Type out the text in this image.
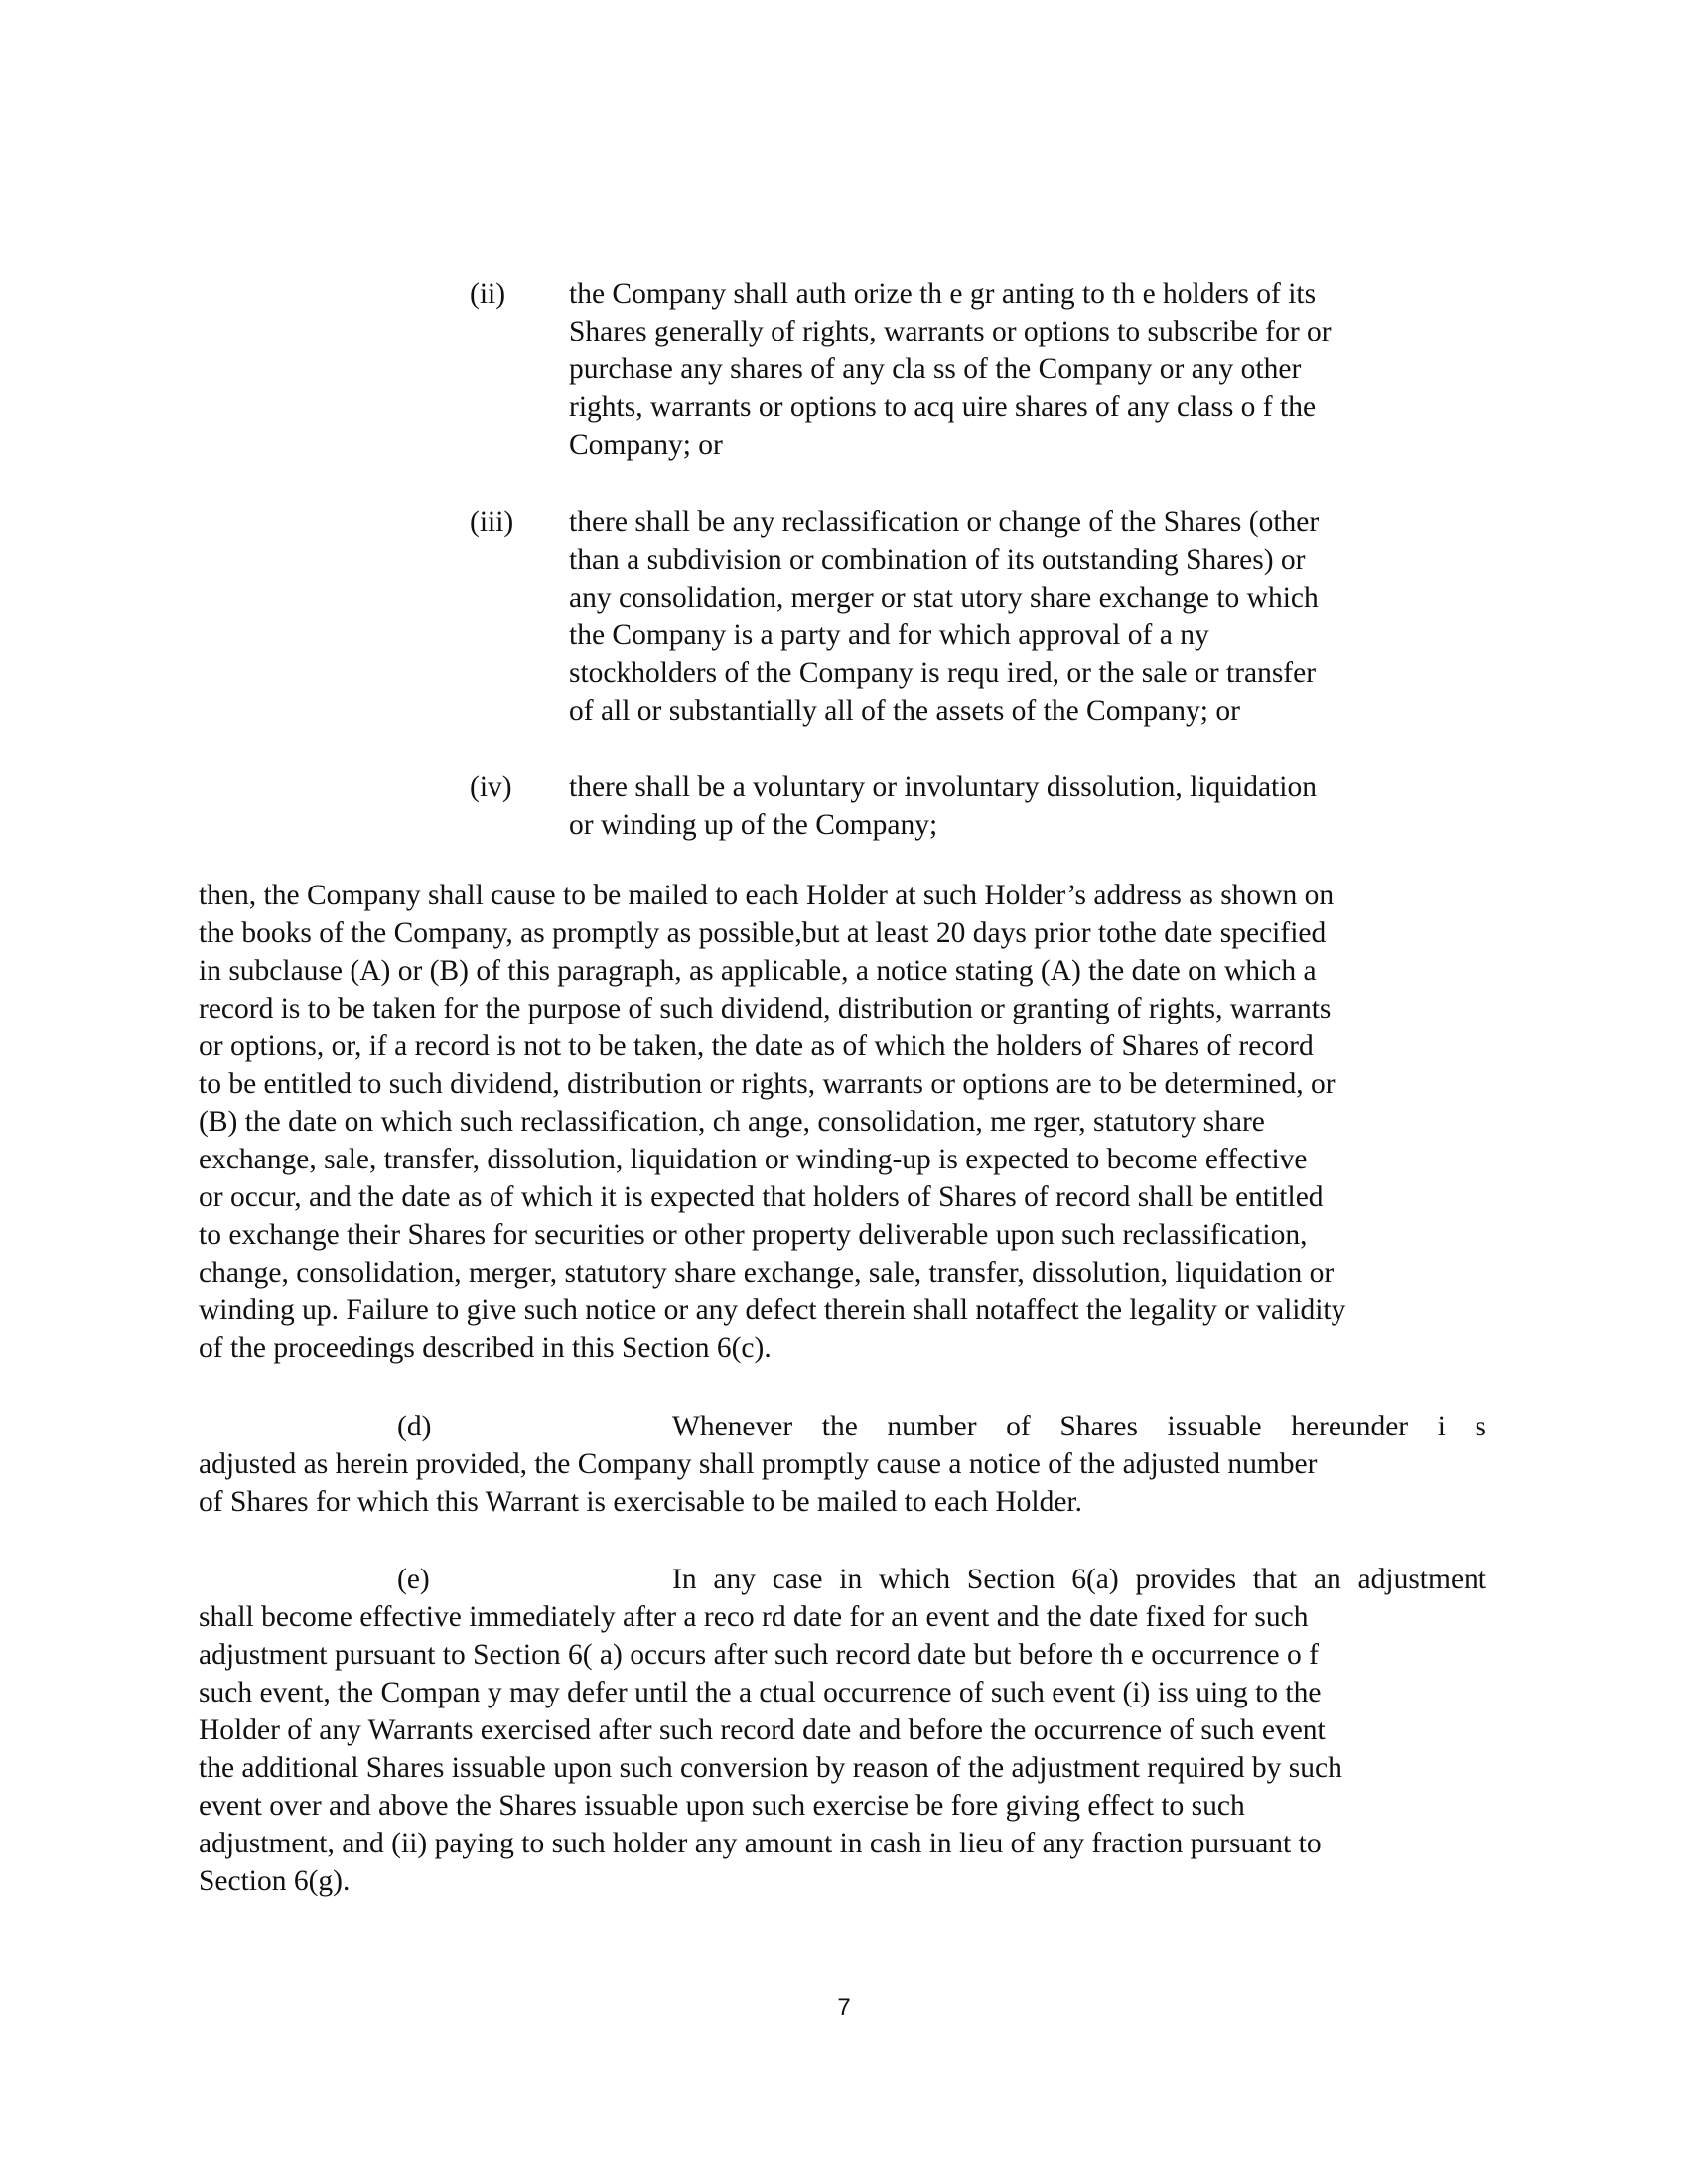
(ii)	the Company shall auth orize th e gr anting to th e holders of its
Shares generally of rights, warrants or options to subscribe for or
purchase any shares of any cla ss of the Company or any other
rights, warrants or options to acq uire shares of any class o f the
Company; or
(iii)	there shall be any reclassification or change of the Shares (other
than a subdivision or combination of its outstanding Shares) or
any consolidation, merger or stat utory share exchange to which
the Company is a party and for which approval of a ny
stockholders of the Company is requ ired, or the sale or transfer
of all or substantially all of the assets of the Company; or
(iv)	there shall be a voluntary or involuntary dissolution, liquidation
or winding up of the Company;
then, the Company shall cause to be mailed to each Holder at such Holder’s address as shown on
the books of the Company, as promptly as possible,but at least 20 days prior tothe date specified
in subclause (A) or (B) of this paragraph, as applicable, a notice stating (A) the date on which a
record is to be taken for the purpose of such dividend, distribution or granting of rights, warrants
or options, or, if a record is not to be taken, the date as of which the holders of Shares of record
to be entitled to such dividend, distribution or rights, warrants or options are to be determined, or
(B) the date on which such reclassification, ch ange, consolidation, me rger, statutory share
exchange, sale, transfer, dissolution, liquidation or winding-up is expected to become effective
or occur, and the date as of which it is expected that holders of Shares of record shall be entitled
to exchange their Shares for securities or other property deliverable upon such reclassification,
change, consolidation, merger, statutory share exchange, sale, transfer, dissolution, liquidation or
winding up. Failure to give such notice or any defect therein shall notaffect the legality or validity
of the proceedings described in this Section 6(c).
(d)	Whenever the number of Shares issuable hereunder i s
adjusted as herein provided, the Company shall promptly cause a notice of the adjusted number
of Shares for which this Warrant is exercisable to be mailed to each Holder.
(e)	In any case in which Section 6(a) provides that an adjustment
shall become effective immediately after a reco rd date for an event and the date fixed for such
adjustment pursuant to Section 6( a) occurs after such record date but before th e occurrence o f
such event, the Compan y may defer until the a ctual occurrence of such event (i) iss uing to the
Holder of any Warrants exercised after such record date and before the occurrence of such event
the additional Shares issuable upon such conversion by reason of the adjustment required by such
event over and above the Shares issuable upon such exercise be fore giving effect to such
adjustment, and (ii) paying to such holder any amount in cash in lieu of any fraction pursuant to
Section 6(g).
7
